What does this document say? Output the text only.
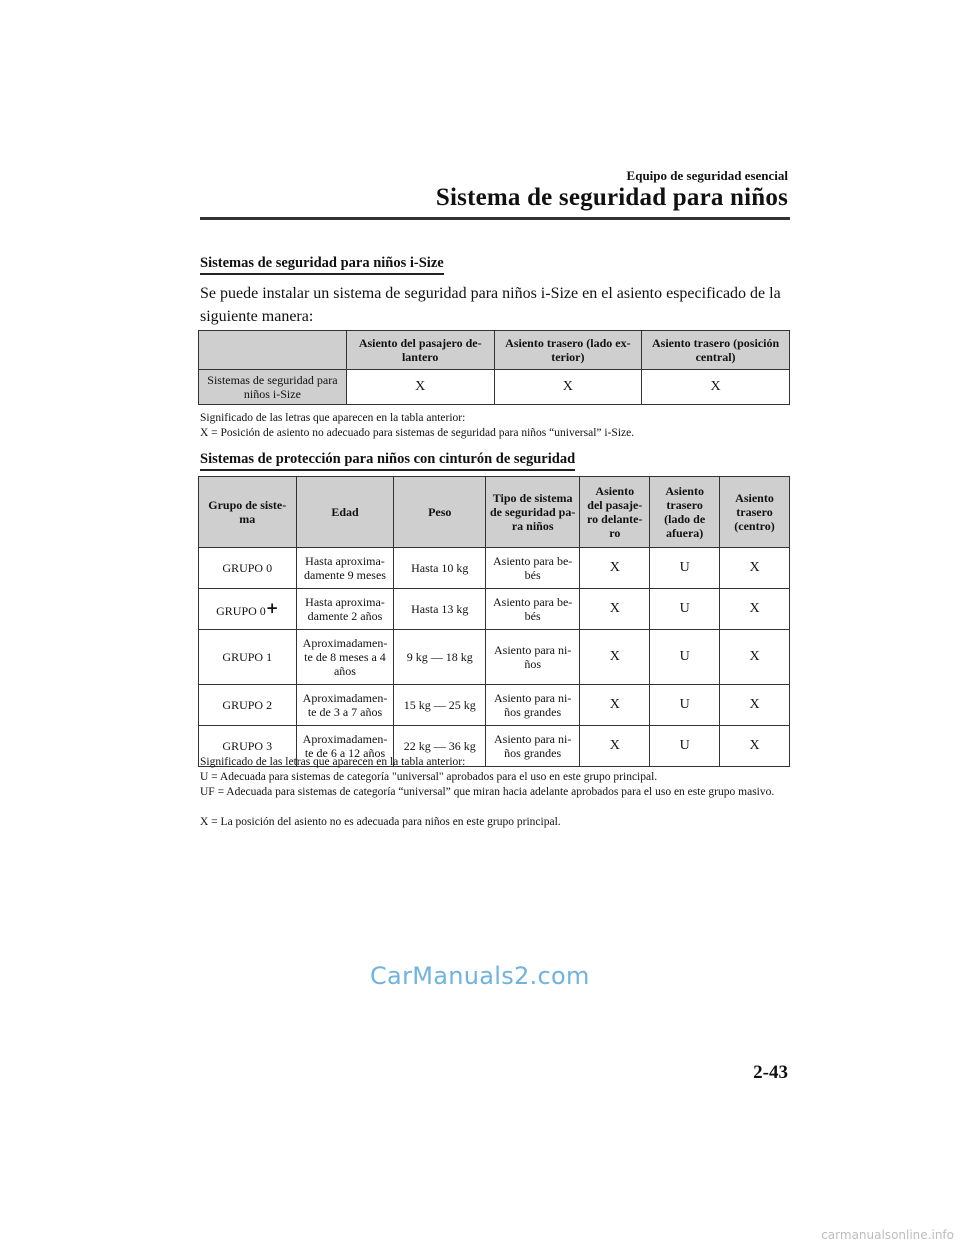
Equipo de seguridad esencial
Sistema de seguridad para niños
Sistemas de seguridad para niños i-Size
Se puede instalar un sistema de seguridad para niños i-Size en el asiento especificado de la siguiente manera:
	Asiento del pasajero de-
lantero	Asiento trasero (lado ex-
terior)	Asiento trasero (posición
central)
Sistemas de seguridad para
niños i-Size	X	X	X
Significado de las letras que aparecen en la tabla anterior:
X = Posición de asiento no adecuado para sistemas de seguridad para niños “universal” i-Size.
Sistemas de protección para niños con cinturón de seguridad
Grupo de siste-
ma	Edad	Peso	Tipo de sistema
de seguridad pa-
ra niños	Asiento
del pasaje-
ro delante-
ro	Asiento
trasero
(lado de
afuera)	Asiento
trasero
(centro)
GRUPO 0	Hasta aproxima-
damente 9 meses	Hasta 10 kg	Asiento para be-
bés	X	U	X
GRUPO 0+	Hasta aproxima-
damente 2 años	Hasta 13 kg	Asiento para be-
bés	X	U	X
GRUPO 1	Aproximadamen-
te de 8 meses a 4
años	9 kg — 18 kg	Asiento para ni-
ños	X	U	X
GRUPO 2	Aproximadamen-
te de 3 a 7 años	15 kg — 25 kg	Asiento para ni-
ños grandes	X	U	X
GRUPO 3	Aproximadamen-
te de 6 a 12 años	22 kg — 36 kg	Asiento para ni-
ños grandes	X	U	X
Significado de las letras que aparecen en la tabla anterior:
U = Adecuada para sistemas de categoría "universal" aprobados para el uso en este grupo principal.
UF = Adecuada para sistemas de categoría “universal” que miran hacia adelante aprobados para el uso en este grupo masivo.
X = La posición del asiento no es adecuada para niños en este grupo principal.
CarManuals2.com
2-43
carmanualsonline.info
